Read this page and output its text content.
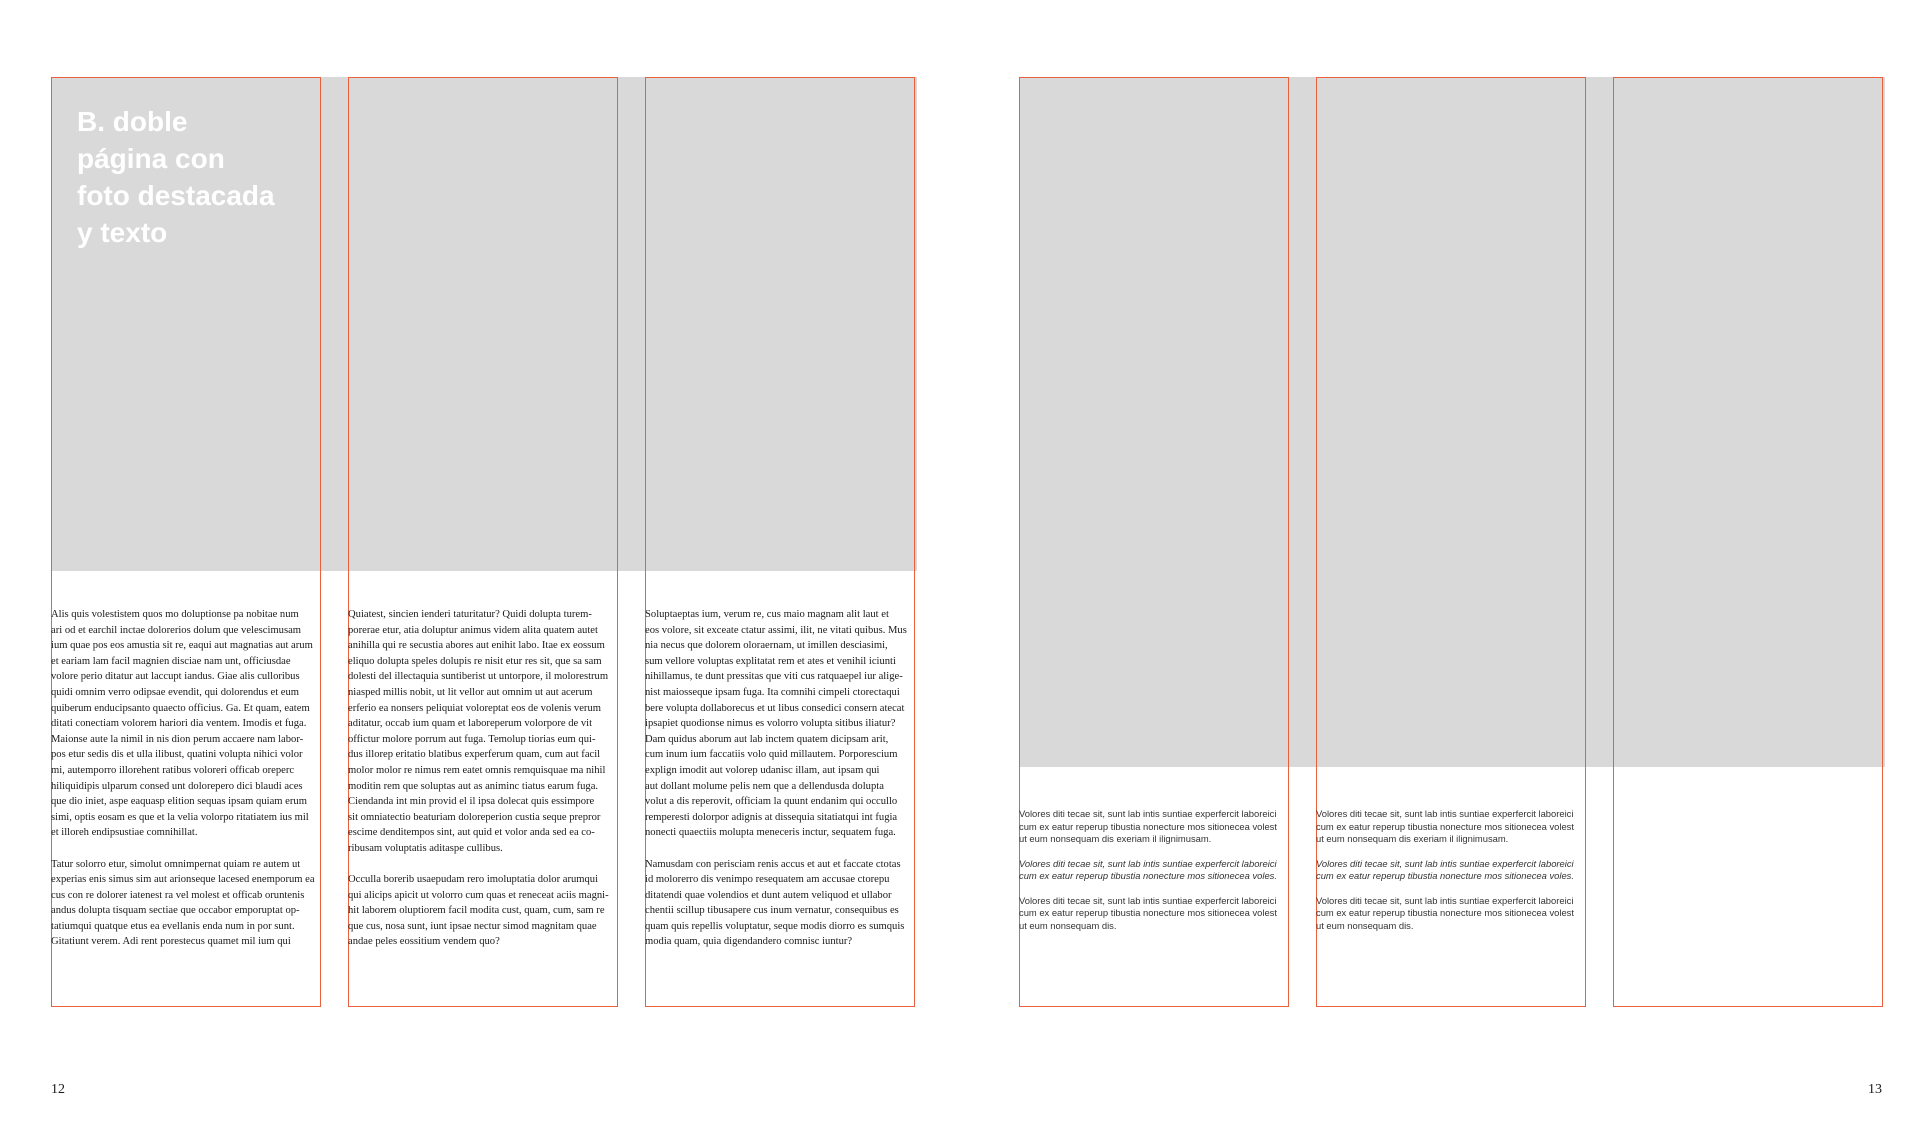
B. doble
página con
foto destacada
y texto
Alis quis volestistem quos mo doluptionse pa nobitae num
ari od et earchil inctae dolorerios dolum que velescimusam
ium quae pos eos amustia sit re, eaqui aut magnatias aut arum
et eariam lam facil magnien disciae nam unt, officiusdae
volore perio ditatur aut laccupt iandus. Giae alis culloribus
quidi omnim verro odipsae evendit, qui dolorendus et eum
quiberum enducipsanto quaecto officius. Ga. Et quam, eatem
ditati conectiam volorem hariori dia ventem. Imodis et fuga.
Maionse aute la nimil in nis dion perum accaere nam labor-
pos etur sedis dis et ulla ilibust, quatini volupta nihici volor
mi, autemporro illorehent ratibus voloreri officab oreperc
hiliquidipis ulparum consed unt dolorepero dici blaudi aces
que dio iniet, aspe eaquasp elition sequas ipsam quiam erum
simi, optis eosam es que et la velia volorpo ritatiatem ius mil
et illoreh endipsustiae comnihillat.
Tatur solorro etur, simolut omnimpernat quiam re autem ut
experias enis simus sim aut arionseque lacesed enemporum ea
cus con re dolorer iatenest ra vel molest et officab oruntenis
andus dolupta tisquam sectiae que occabor emporuptat op-
tatiumqui quatque etus ea evellanis enda num in por sunt.
Gitatiunt verem. Adi rent porestecus quamet mil ium qui
Quiatest, sincien ienderi taturitatur? Quidi dolupta turem-
porerae etur, atia doluptur animus videm alita quatem autet
anihilla qui re secustia abores aut enihit labo. Itae ex eossum
eliquo dolupta speles dolupis re nisit etur res sit, que sa sam
dolesti del illectaquia suntiberist ut untorpore, il molorestrum
niasped millis nobit, ut lit vellor aut omnim ut aut acerum
erferio ea nonsers peliquiat voloreptat eos de volenis verum
aditatur, occab ium quam et laboreperum volorpore de vit
offictur molore porrum aut fuga. Temolup tiorias eum qui-
dus illorep eritatio blatibus experferum quam, cum aut facil
molor molor re nimus rem eatet omnis remquisquae ma nihil
moditin rem que soluptas aut as animinc tiatus earum fuga.
Ciendanda int min provid el il ipsa dolecat quis essimpore
sit omniatectio beaturiam doloreperion custia seque prepror
escime denditempos sint, aut quid et volor anda sed ea co-
ribusam voluptatis aditaspe cullibus.
Occulla borerib usaepudam rero imoluptatia dolor arumqui
qui alicips apicit ut volorro cum quas et reneceat aciis magni-
hit laborem oluptiorem facil modita cust, quam, cum, sam re
que cus, nosa sunt, iunt ipsae nectur simod magnitam quae
andae peles eossitium vendem quo?
Soluptaeptas ium, verum re, cus maio magnam alit laut et
eos volore, sit exceate ctatur assimi, ilit, ne vitati quibus. Mus
nia necus que dolorem oloraernam, ut imillen desciasimi,
sum vellore voluptas explitatat rem et ates et venihil iciunti
nihillamus, te dunt pressitas que viti cus ratquaepel iur alige-
nist maiosseque ipsam fuga. Ita comnihi cimpeli ctorectaqui
bere volupta dollaborecus et ut libus consedici consern atecat
ipsapiet quodionse nimus es volorro volupta sitibus iliatur?
Dam quidus aborum aut lab inctem quatem dicipsam arit,
cum inum ium faccatiis volo quid millautem. Porporescium
explign imodit aut volorep udanisc illam, aut ipsam qui
aut dollant molume pelis nem que a dellendusda dolupta
volut a dis reperovit, officiam la quunt endanim qui occullo
remperesti dolorpor adignis at dissequia sitatiatqui int fugia
nonecti quaectiis molupta meneceris inctur, sequatem fuga.
Namusdam con perisciam renis accus et aut et faccate ctotas
id molorerro dis venimpo resequatem am accusae ctorepu
ditatendi quae volendios et dunt autem veliquod et ullabor
chentii scillup tibusapere cus inum vernatur, consequibus es
quam quis repellis voluptatur, seque modis diorro es sumquis
modia quam, quia digendandero comnisc iuntur?
12
Volores diti tecae sit, sunt lab intis suntiae experfercit laboreici
cum ex eatur reperup tibustia nonecture mos sitionecea volest
ut eum nonsequam dis exeriam il ilignimusam.
Volores diti tecae sit, sunt lab intis suntiae experfercit laboreici
cum ex eatur reperup tibustia nonecture mos sitionecea voles.
Volores diti tecae sit, sunt lab intis suntiae experfercit laboreici
cum ex eatur reperup tibustia nonecture mos sitionecea volest
ut eum nonsequam dis.
Volores diti tecae sit, sunt lab intis suntiae experfercit laboreici
cum ex eatur reperup tibustia nonecture mos sitionecea volest
ut eum nonsequam dis exeriam il ilignimusam.
Volores diti tecae sit, sunt lab intis suntiae experfercit laboreici
cum ex eatur reperup tibustia nonecture mos sitionecea voles.
Volores diti tecae sit, sunt lab intis suntiae experfercit laboreici
cum ex eatur reperup tibustia nonecture mos sitionecea volest
ut eum nonsequam dis.
13
